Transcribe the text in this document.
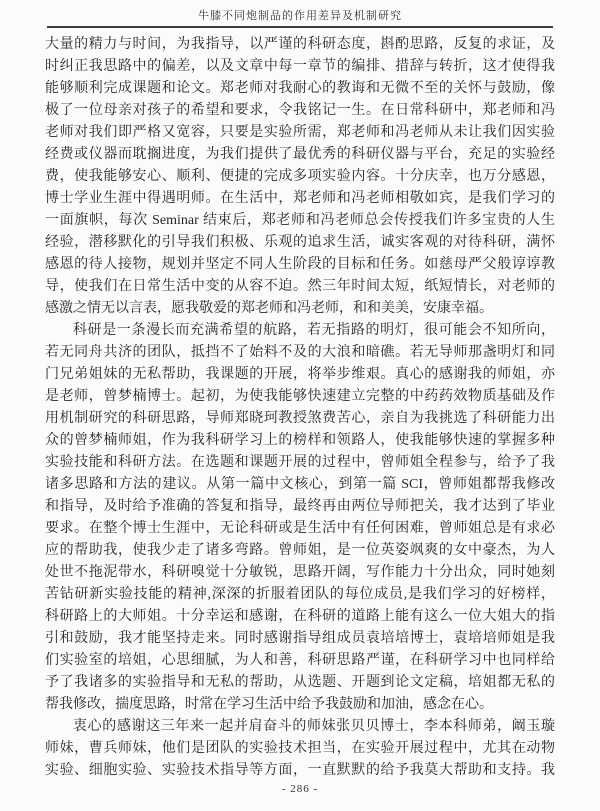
牛膝不同炮制品的作用差异及机制研究
大量的精力与时间，为我指导，以严谨的科研态度，斟酌思路，反复的求证，及
时纠正我思路中的偏差，以及文章中每一章节的编排、措辞与转折，这才使得我
能够顺利完成课题和论文。郑老师对我耐心的教诲和无微不至的关怀与鼓励，像
极了一位母亲对孩子的希望和要求，令我铭记一生。在日常科研中，郑老师和冯
老师对我们即严格又宽容，只要是实验所需，郑老师和冯老师从未让我们因实验
经费或仪器而耽搁进度，为我们提供了最优秀的科研仪器与平台，充足的实验经
费，使我能够安心、顺利、便捷的完成多项实验内容。十分庆幸，也万分感恩，
博士学业生涯中得遇明师。在生活中，郑老师和冯老师相敬如宾，是我们学习的
一面旗帜，每次 Seminar 结束后，郑老师和冯老师总会传授我们许多宝贵的人生
经验，潜移默化的引导我们积极、乐观的追求生活，诚实客观的对待科研，满怀
感恩的待人接物，规划并坚定不同人生阶段的目标和任务。如慈母严父般谆谆教
导，使我们在日常生活中变的从容不迫。然三年时间太短，纸短情长，对老师的
感激之情无以言表，愿我敬爱的郑老师和冯老师，和和美美，安康幸福。
科研是一条漫长而充满希望的航路，若无指路的明灯，很可能会不知所向，
若无同舟共济的团队，抵挡不了始料不及的大浪和暗礁。若无导师那盏明灯和同
门兄弟姐妹的无私帮助，我课题的开展，将举步维艰。真心的感谢我的师姐，亦
是老师，曾梦楠博士。起初，为使我能够快速建立完整的中药药效物质基础及作
用机制研究的科研思路，导师郑晓珂教授煞费苦心，亲自为我挑选了科研能力出
众的曾梦楠师姐，作为我科研学习上的榜样和领路人，使我能够快速的掌握多种
实验技能和科研方法。在选题和课题开展的过程中，曾师姐全程参与，给予了我
诸多思路和方法的建议。从第一篇中文核心，到第一篇 SCI，曾师姐都帮我修改
和指导，及时给予准确的答复和指导，最终再由两位导师把关，我才达到了毕业
要求。在整个博士生涯中，无论科研或是生活中有任何困难，曾师姐总是有求必
应的帮助我，使我少走了诸多弯路。曾师姐，是一位英姿飒爽的女中豪杰，为人
处世不拖泥带水，科研嗅觉十分敏锐，思路开阔，写作能力十分出众，同时她刻
苦钻研新实验技能的精神,深深的折服着团队的每位成员,是我们学习的好榜样，
科研路上的大师姐。十分幸运和感谢，在科研的道路上能有这么一位大姐大的指
引和鼓励，我才能坚持走来。同时感谢指导组成员袁培培博士，袁培培师姐是我
们实验室的培姐，心思细腻，为人和善，科研思路严谨，在科研学习中也同样给
予了我诸多的实验指导和无私的帮助，从选题、开题到论文定稿，培姐都无私的
帮我修改，揣度思路，时常在学习生活中给予我鼓励和加油，感念在心。
衷心的感谢这三年来一起并肩奋斗的师妹张贝贝博士，李本科师弟，阚玉璇
师妹，曹兵师妹，他们是团队的实验技术担当，在实验开展过程中，尤其在动物
实验、细胞实验、实验技术指导等方面，一直默默的给予我莫大帮助和支持。我
- 286 -
